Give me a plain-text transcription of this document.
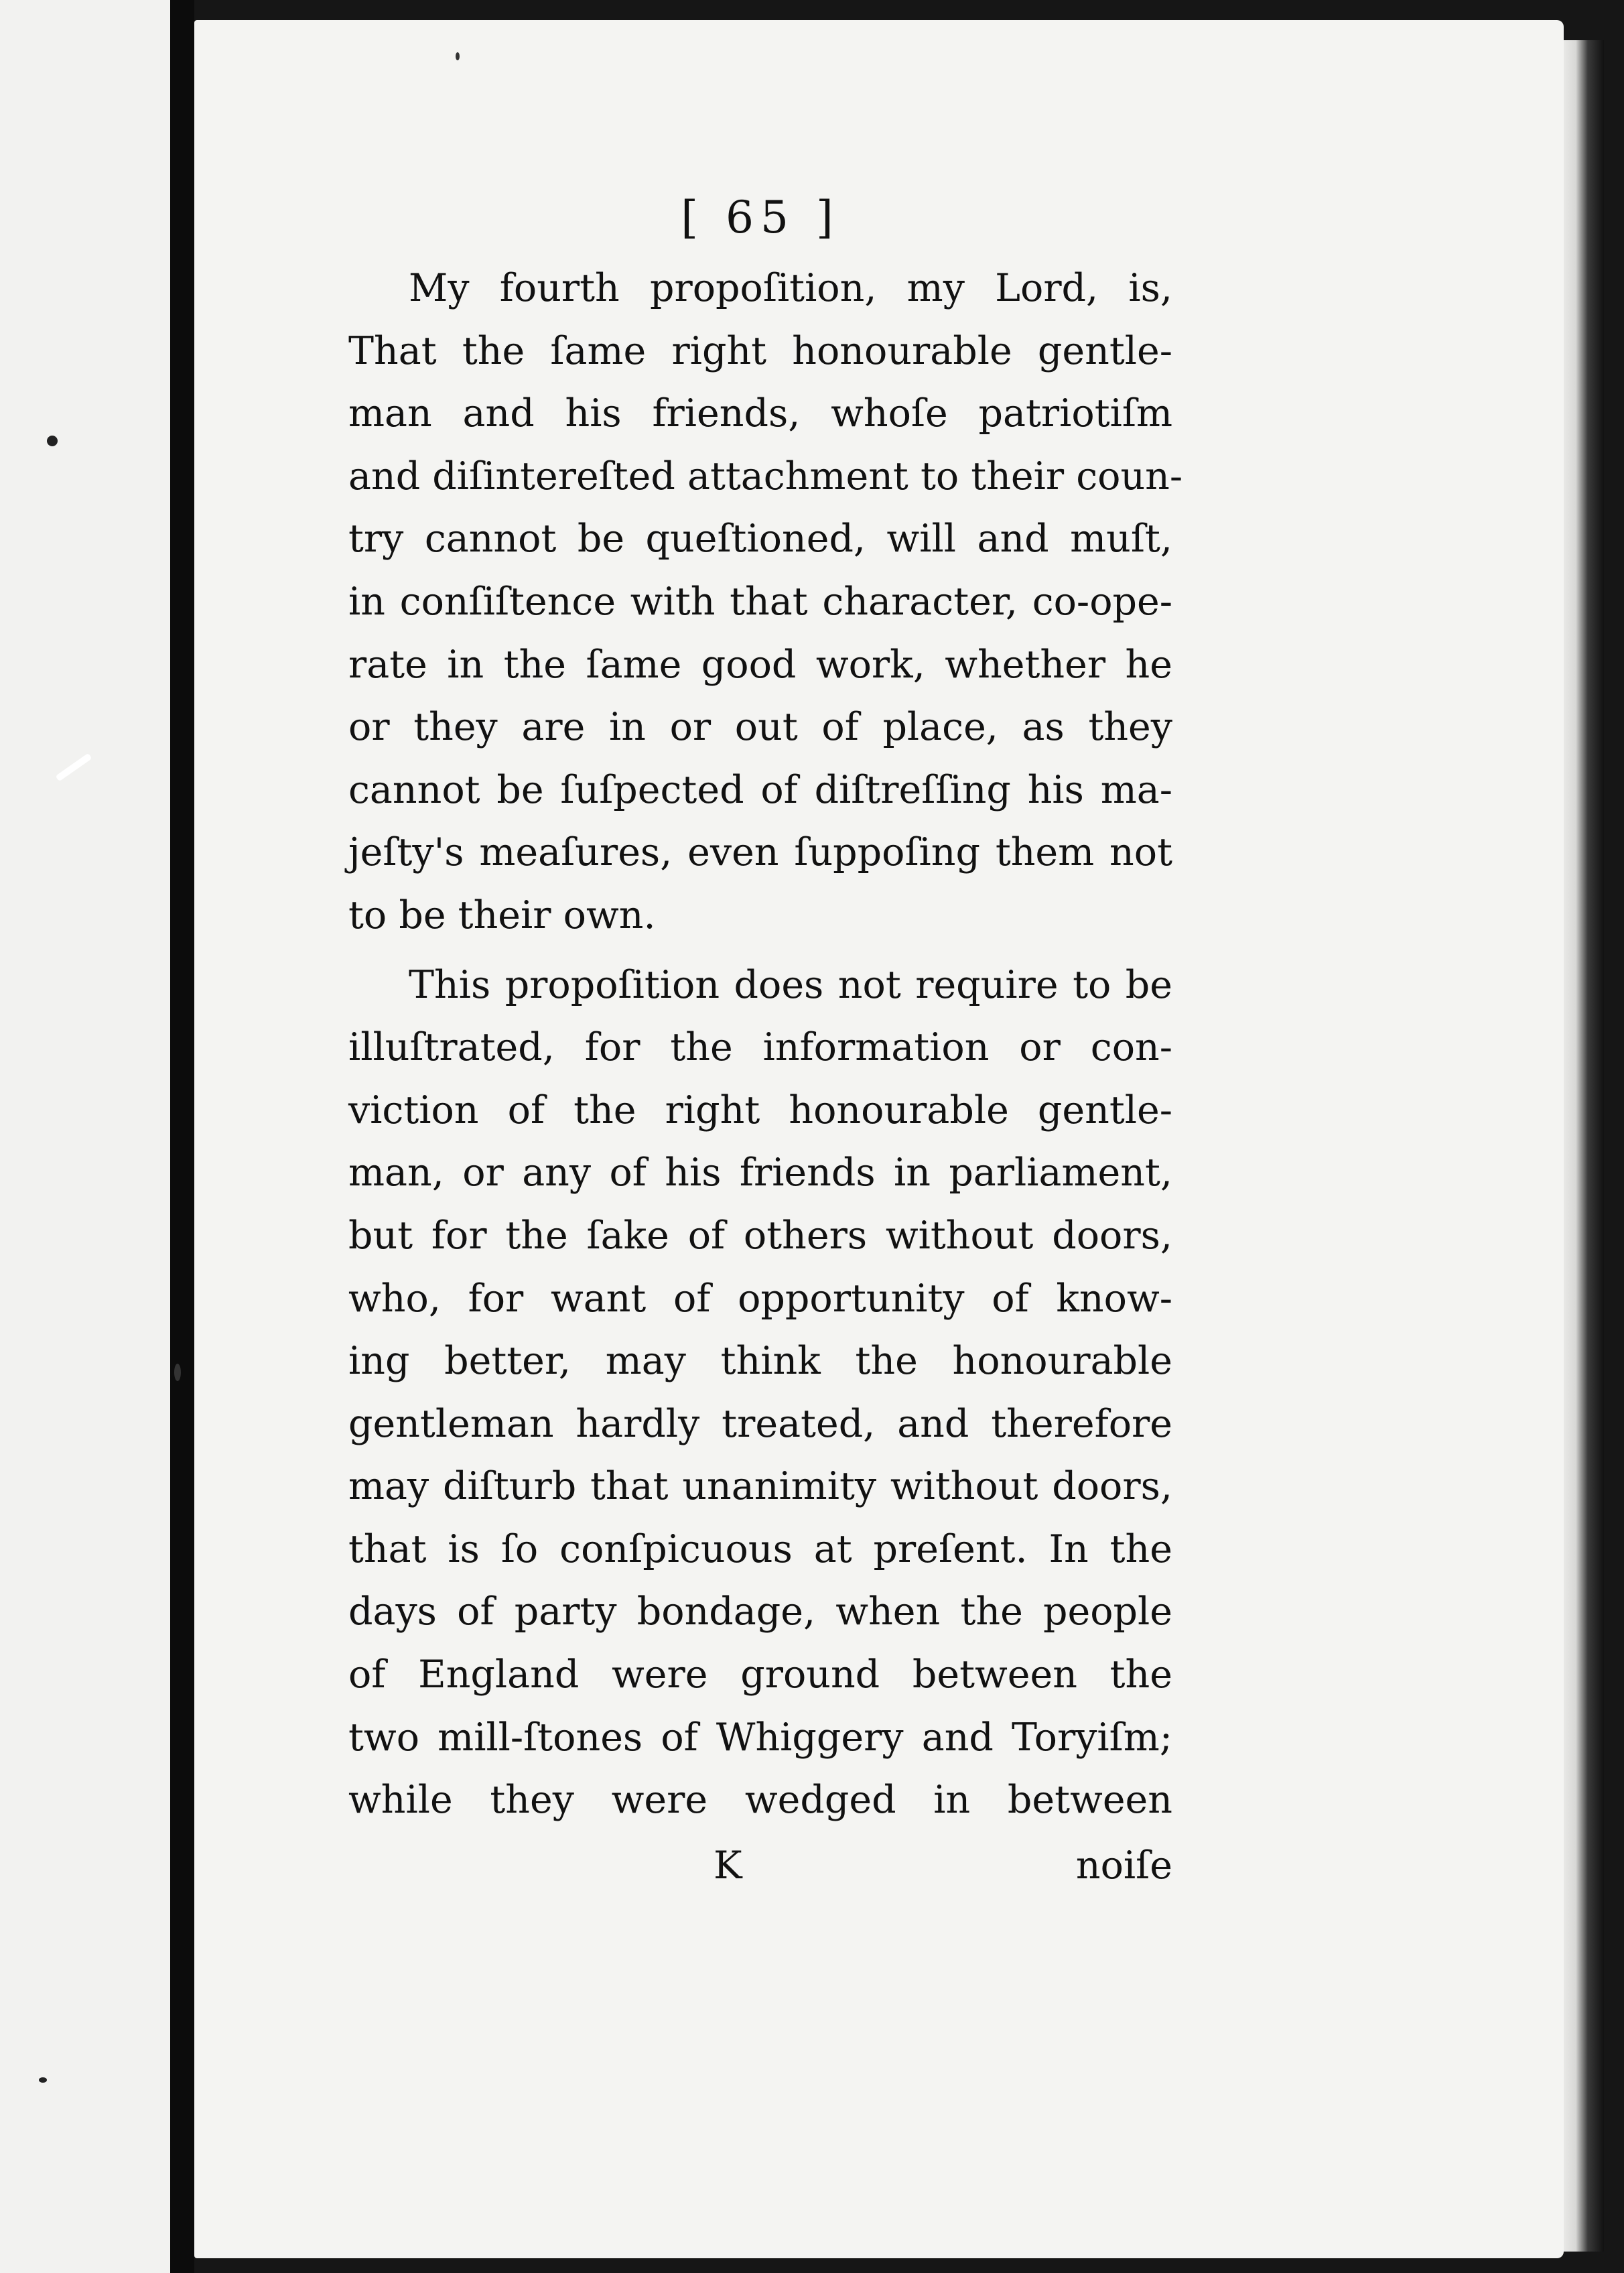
[ 65 ]
My fourth propoſition, my Lord, is,
That the ſame right honourable gentle-
man and his friends, whoſe patriotiſm
and diſintereſted attachment to their coun-
try cannot be queſtioned, will and muſt,
in conſiſtence with that character, co-ope-
rate in the ſame good work, whether he
or they are in or out of place, as they
cannot be ſuſpected of diſtreſſing his ma-
jeſty's meaſures, even ſuppoſing them not
to be their own.
This propoſition does not require to be
illuſtrated, for the information or con-
viction of the right honourable gentle-
man, or any of his friends in parliament,
but for the ſake of others without doors,
who, for want of opportunity of know-
ing better, may think the honourable
gentleman hardly treated, and therefore
may diſturb that unanimity without doors,
that is ſo conſpicuous at preſent. In the
days of party bondage, when the people
of England were ground between the
two mill-ſtones of Whiggery and Toryiſm;
while they were wedged in between
K	noiſe
